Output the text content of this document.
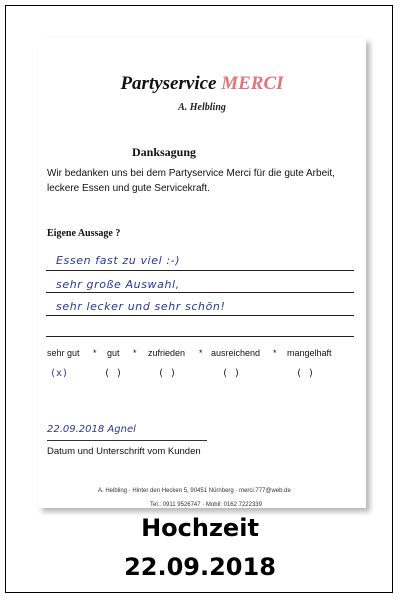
Partyservice MERCI
A. Helbling
Danksagung
Wir bedanken uns bei dem Partyservice Merci für die gute Arbeit, leckere Essen und gute Servicekraft.
Eigene Aussage ?
Essen fast zu viel :-)
sehr große Auswahl,
sehr lecker und sehr schön!
sehr gut * gut * zufrieden * ausreichend * mangelhaft
(x)	( )	( )	( )	( )
22.09.2018 Agnel
Datum und Unterschrift vom Kunden
A. Helbling · Hinter den Hecken 5, 90451 Nürnberg · merci.777@web.de
Tel.: 0911 9526747 · Mobil: 0162 7222339
Hochzeit
22.09.2018
